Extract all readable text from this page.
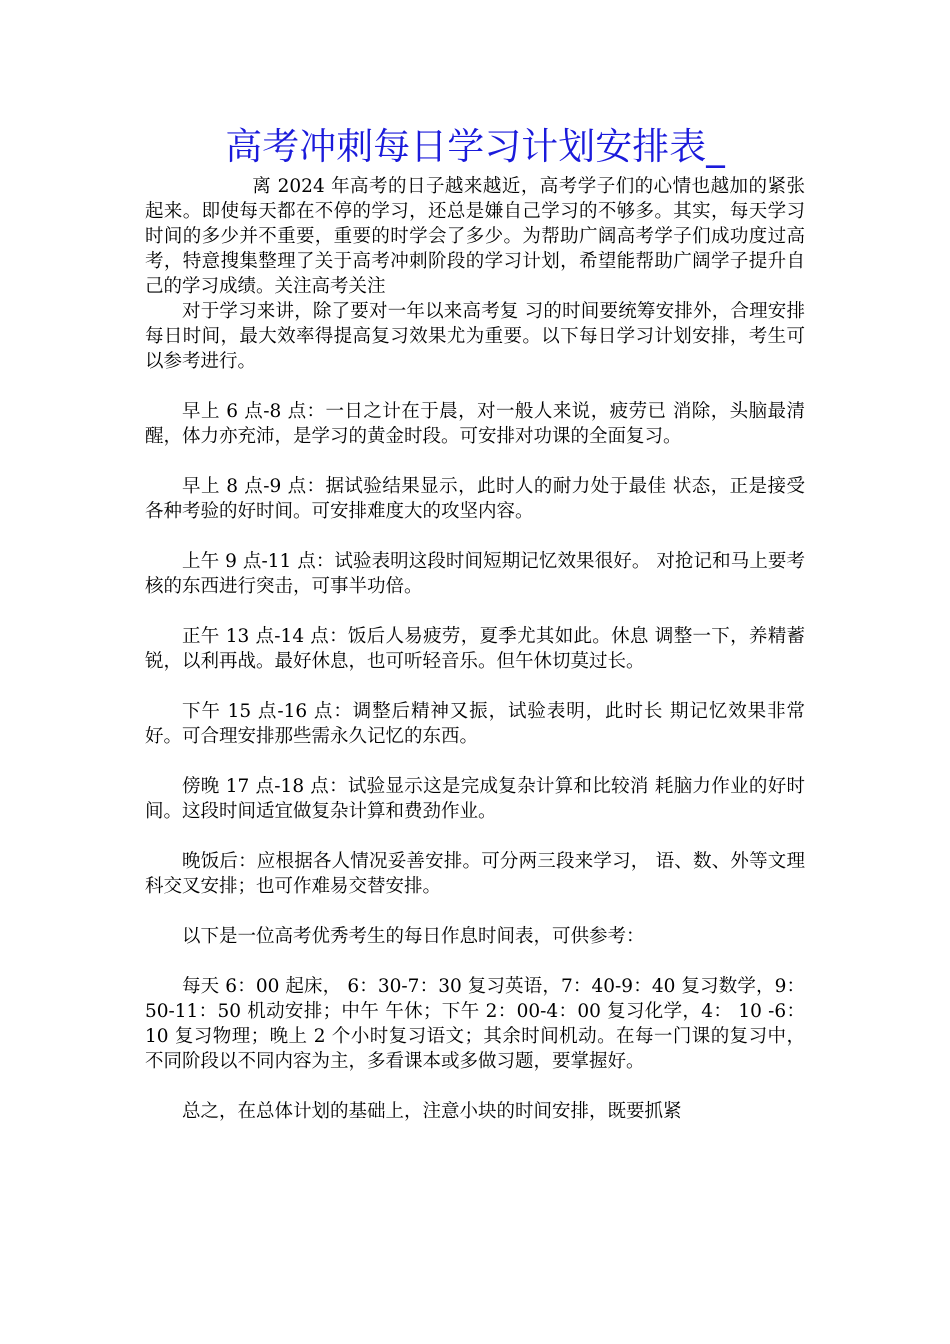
高考冲刺每日学习计划安排表_

离 2024 年高考的日子越来越近，高考学子们的心情也越加的紧张起来。即使每天都在不停的学习，还总是嫌自己学习的不够多。其实，每天学习时间的多少并不重要，重要的时学会了多少。为帮助广阔高考学子们成功度过高考，特意搜集整理了关于高考冲刺阶段的学习计划，希望能帮助广阔学子提升自己的学习成绩。关注高考关注

对于学习来讲，除了要对一年以来高考复 习的时间要统筹安排外，合理安排每日时间，最大效率得提高复习效果尤为重要。以下每日学习计划安排，考生可以参考进行。

早上 6 点-8 点：一日之计在于晨，对一般人来说，疲劳已 消除，头脑最清醒，体力亦充沛，是学习的黄金时段。可安排对功课的全面复习。

早上 8 点-9 点：据试验结果显示，此时人的耐力处于最佳 状态，正是接受各种考验的好时间。可安排难度大的攻坚内容。

上午 9 点-11 点：试验表明这段时间短期记忆效果很好。 对抢记和马上要考核的东西进行突击，可事半功倍。

正午 13 点-14 点：饭后人易疲劳，夏季尤其如此。休息 调整一下，养精蓄锐，以利再战。最好休息，也可听轻音乐。但午休切莫过长。

下午 15 点-16 点：调整后精神又振，试验表明，此时长 期记忆效果非常好。可合理安排那些需永久记忆的东西。

傍晚 17 点-18 点：试验显示这是完成复杂计算和比较消 耗脑力作业的好时间。这段时间适宜做复杂计算和费劲作业。

晚饭后：应根据各人情况妥善安排。可分两三段来学习， 语、数、外等文理科交叉安排；也可作难易交替安排。

以下是一位高考优秀考生的每日作息时间表，可供参考：

每天 6：00 起床， 6：30-7：30 复习英语，7：40-9：40 复习数学，9：50-11：50 机动安排；中午 午休；下午 2：00-4：00 复习化学，4： 10 -6：10 复习物理；晚上 2 个小时复习语文；其余时间机动。在每一门课的复习中，不同阶段以不同内容为主，多看课本或多做习题，要掌握好。

总之，在总体计划的基础上，注意小块的时间安排，既要抓紧
